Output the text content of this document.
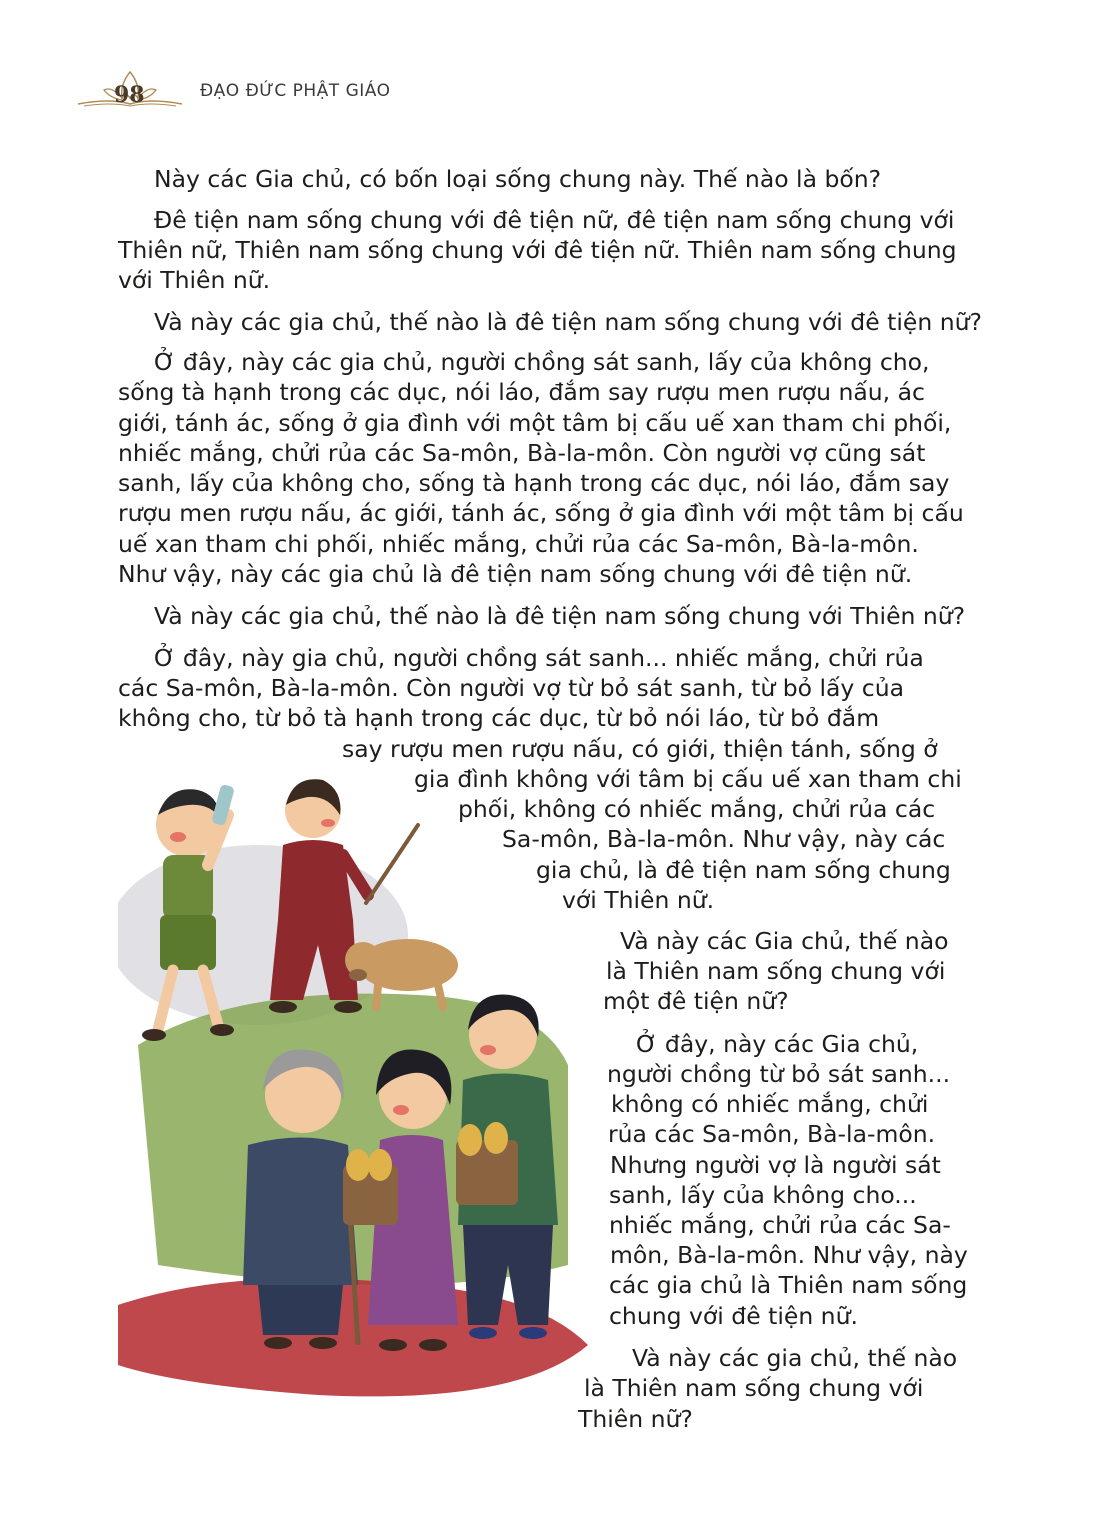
98	ĐẠO ĐỨC PHẬT GIÁO

Này các Gia chủ, có bốn loại sống chung này. Thế nào là bốn?

Đê tiện nam sống chung với đê tiện nữ, đê tiện nam sống chung với

Thiên nữ, Thiên nam sống chung với đê tiện nữ. Thiên nam sống chung

với Thiên nữ.

Và này các gia chủ, thế nào là đê tiện nam sống chung với đê tiện nữ?

Ở đây, này các gia chủ, người chồng sát sanh, lấy của không cho,

sống tà hạnh trong các dục, nói láo, đắm say rượu men rượu nấu, ác

giới, tánh ác, sống ở gia đình với một tâm bị cấu uế xan tham chi phối,

nhiếc mắng, chửi rủa các Sa-môn, Bà-la-môn. Còn người vợ cũng sát

sanh, lấy của không cho, sống tà hạnh trong các dục, nói láo, đắm say

rượu men rượu nấu, ác giới, tánh ác, sống ở gia đình với một tâm bị cấu

uế xan tham chi phối, nhiếc mắng, chửi rủa các Sa-môn, Bà-la-môn.

Như vậy, này các gia chủ là đê tiện nam sống chung với đê tiện nữ.

Và này các gia chủ, thế nào là đê tiện nam sống chung với Thiên nữ?

Ở đây, này gia chủ, người chồng sát sanh... nhiếc mắng, chửi rủa

các Sa-môn, Bà-la-môn. Còn người vợ từ bỏ sát sanh, từ bỏ lấy của

không cho, từ bỏ tà hạnh trong các dục, từ bỏ nói láo, từ bỏ đắm

say rượu men rượu nấu, có giới, thiện tánh, sống ở

gia đình không với tâm bị cấu uế xan tham chi

phối, không có nhiếc mắng, chửi rủa các

Sa-môn, Bà-la-môn. Như vậy, này các

gia chủ, là đê tiện nam sống chung

với Thiên nữ.

Và này các Gia chủ, thế nào

là Thiên nam sống chung với

một đê tiện nữ?

Ở đây, này các Gia chủ,

người chồng từ bỏ sát sanh...

không có nhiếc mắng, chửi

rủa các Sa-môn, Bà-la-môn.

Nhưng người vợ là người sát

sanh, lấy của không cho...

nhiếc mắng, chửi rủa các Sa-

môn, Bà-la-môn. Như vậy, này

các gia chủ là Thiên nam sống

chung với đê tiện nữ.

Và này các gia chủ, thế nào

là Thiên nam sống chung với

Thiên nữ?
